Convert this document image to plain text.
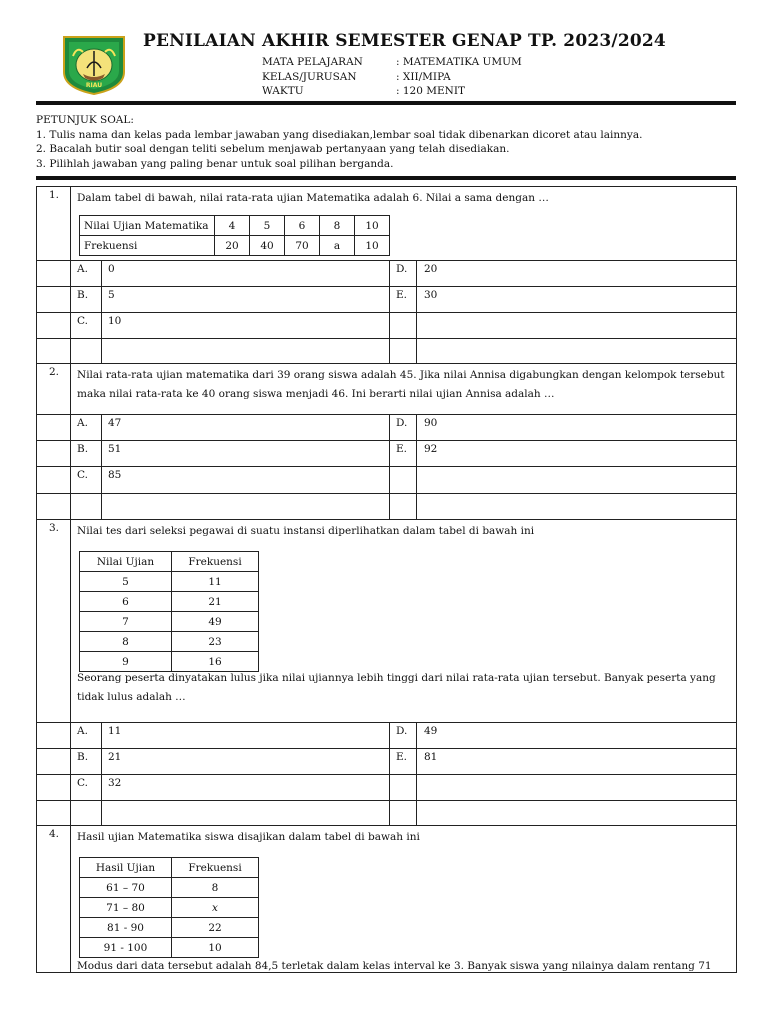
RIAU
PENILAIAN AKHIR SEMESTER GENAP TP. 2023/2024
MATA PELAJARAN	: MATEMATIKA UMUM
KELAS/JURUSAN	: XII/MIPA
WAKTU	: 120 MENIT
PETUNJUK SOAL:
1. Tulis nama dan kelas pada lembar jawaban yang disediakan,lembar soal tidak dibenarkan dicoret atau lainnya.
2. Bacalah butir soal dengan teliti sebelum menjawab pertanyaan yang telah disediakan.
3. Pilihlah jawaban yang paling benar untuk soal pilihan berganda.
1.	Dalam tabel di bawah, nilai rata-rata ujian Matematika adalah 6. Nilai a sama dengan …
Nilai Ujian Matematika	4	5	6	8	10
Frekuensi	20	40	70	a	10
A. 0
B. 5
C. 10
D. 20
E. 30
2.	Nilai rata-rata ujian matematika dari 39 orang siswa adalah 45. Jika nilai Annisa digabungkan dengan kelompok tersebut maka nilai rata-rata ke 40 orang siswa menjadi 46. Ini berarti nilai ujian Annisa adalah …
A. 47
B. 51
C. 85
D. 90
E. 92
3.	Nilai tes dari seleksi pegawai di suatu instansi diperlihatkan dalam tabel di bawah ini
Nilai Ujian	Frekuensi
5	11
6	21
7	49
8	23
9	16
Seorang peserta dinyatakan lulus jika nilai ujiannya lebih tinggi dari nilai rata-rata ujian tersebut. Banyak peserta yang tidak lulus adalah …
A. 11
B. 21
C. 32
D. 49
E. 81
4.	Hasil ujian Matematika siswa disajikan dalam tabel di bawah ini
Hasil Ujian	Frekuensi
61 – 70	8
71 – 80	x
81 - 90	22
91 - 100	10
Modus dari data tersebut adalah 84,5 terletak dalam kelas interval ke 3. Banyak siswa yang nilainya dalam rentang 71
